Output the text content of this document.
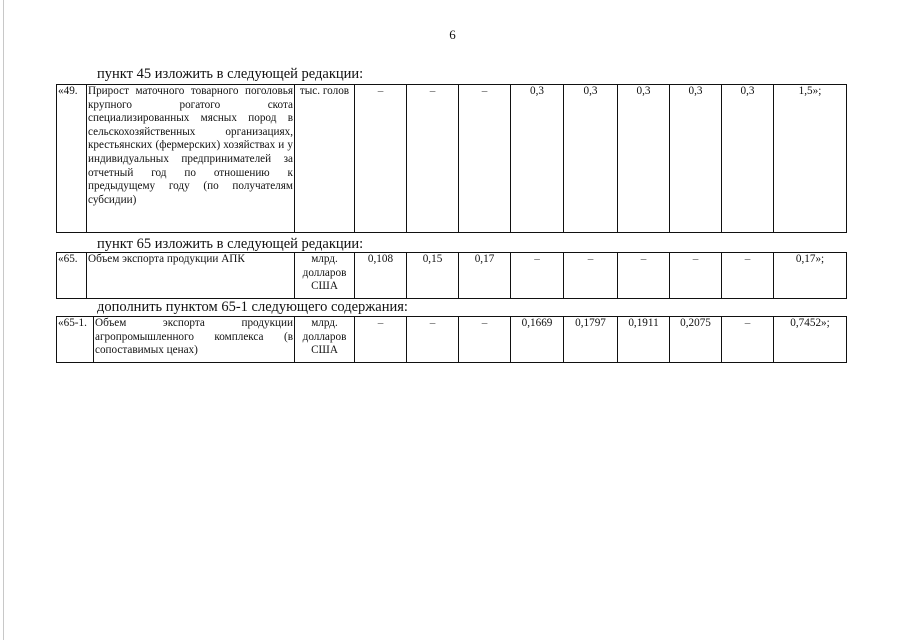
6
пункт 45 изложить в следующей редакции:
«49.	Прирост маточного товарного поголовья крупного рогатого скота специализированных мясных пород в сельскохозяйственных организациях, крестьянских (фермерских) хозяйствах и у индивидуальных предпринимателей за отчетный год по отношению к предыдущему году (по получателям субсидии)	тыс. голов	–	–	–	0,3	0,3	0,3	0,3	0,3	1,5»;
пункт 65 изложить в следующей редакции:
«65.	Объем экспорта продукции АПК	млрд. долларов США	0,108	0,15	0,17	–	–	–	–	–	0,17»;
дополнить пунктом 65-1 следующего содержания:
«65-1.	Объем экспорта продукции агропромышленного комплекса (в сопоставимых ценах)	млрд. долларов США	–	–	–	0,1669	0,1797	0,1911	0,2075	–	0,7452»;
